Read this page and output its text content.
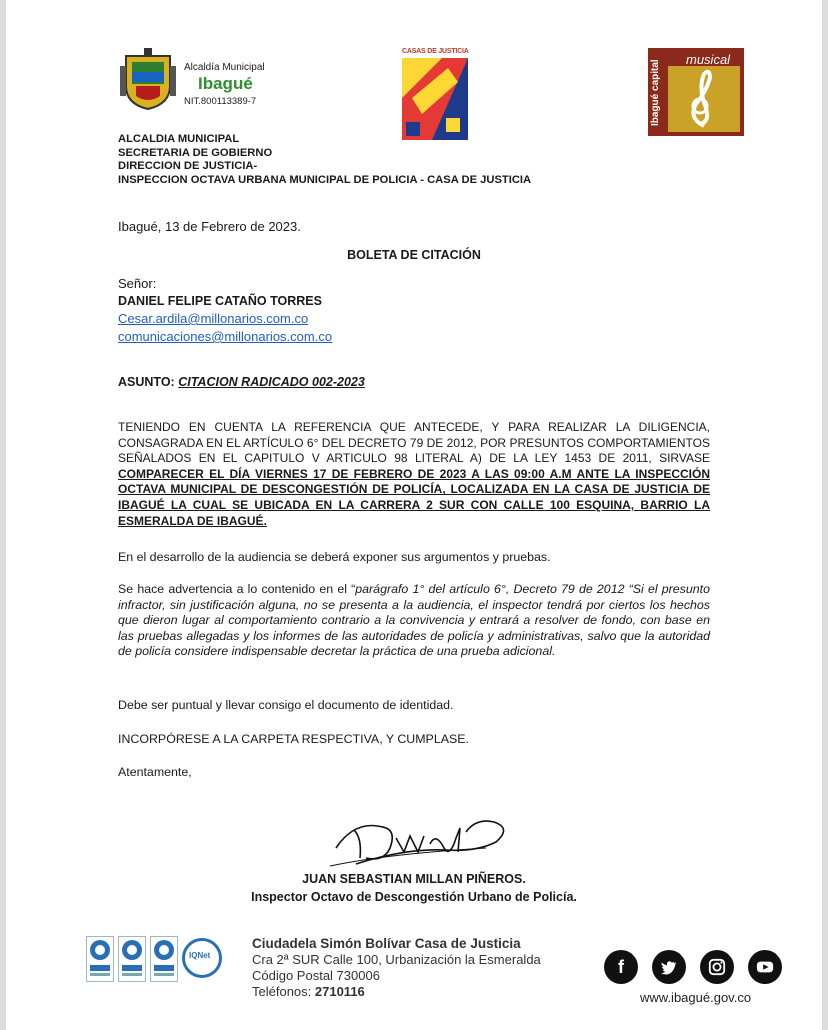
Alcaldía Municipal
Ibagué
NIT.800113389-7
CASAS DE JUSTICIA
musical
Ibagué capital
ALCALDIA MUNICIPAL
SECRETARIA DE GOBIERNO
DIRECCION DE JUSTICIA-
INSPECCION OCTAVA URBANA MUNICIPAL DE POLICIA - CASA DE JUSTICIA
Ibagué, 13 de Febrero de 2023.
BOLETA DE CITACIÓN
Señor:
DANIEL FELIPE CATAÑO TORRES
Cesar.ardila@millonarios.com.co
comunicaciones@millonarios.com.co
ASUNTO: CITACION RADICADO 002-2023
TENIENDO EN CUENTA LA REFERENCIA QUE ANTECEDE, Y PARA REALIZAR LA DILIGENCIA, CONSAGRADA EN EL ARTÍCULO 6° DEL DECRETO 79 DE 2012, POR PRESUNTOS COMPORTAMIENTOS SEÑALADOS EN EL CAPITULO V ARTICULO 98 LITERAL A) DE LA LEY 1453 DE 2011, SIRVASE COMPARECER EL DÍA VIERNES 17 DE FEBRERO DE 2023 A LAS 09:00 A.M ANTE LA INSPECCIÓN OCTAVA MUNICIPAL DE DESCONGESTIÓN DE POLICÍA, LOCALIZADA EN LA CASA DE JUSTICIA DE IBAGUÉ LA CUAL SE UBICADA EN LA CARRERA 2 SUR CON CALLE 100 ESQUINA, BARRIO LA ESMERALDA DE IBAGUÉ.
En el desarrollo de la audiencia se deberá exponer sus argumentos y pruebas.
Se hace advertencia a lo contenido en el “parágrafo 1° del artículo 6°, Decreto 79 de 2012 “Si el presunto infractor, sin justificación alguna, no se presenta a la audiencia, el inspector tendrá por ciertos los hechos que dieron lugar al comportamiento contrario a la convivencia y entrará a resolver de fondo, con base en las pruebas allegadas y los informes de las autoridades de policía y administrativas, salvo que la autoridad de policía considere indispensable decretar la práctica de una prueba adicional.
Debe ser puntual y llevar consigo el documento de identidad.
INCORPÓRESE A LA CARPETA RESPECTIVA, Y CUMPLASE.
Atentamente,
JUAN SEBASTIAN MILLAN PIÑEROS.
Inspector Octavo de Descongestión Urbano de Policía.
IQNet
Ciudadela Simón Bolívar Casa de Justicia
Cra 2ª SUR Calle 100, Urbanización la Esmeralda
Código Postal 730006
Teléfonos: 2710116
f
www.ibagué.gov.co
